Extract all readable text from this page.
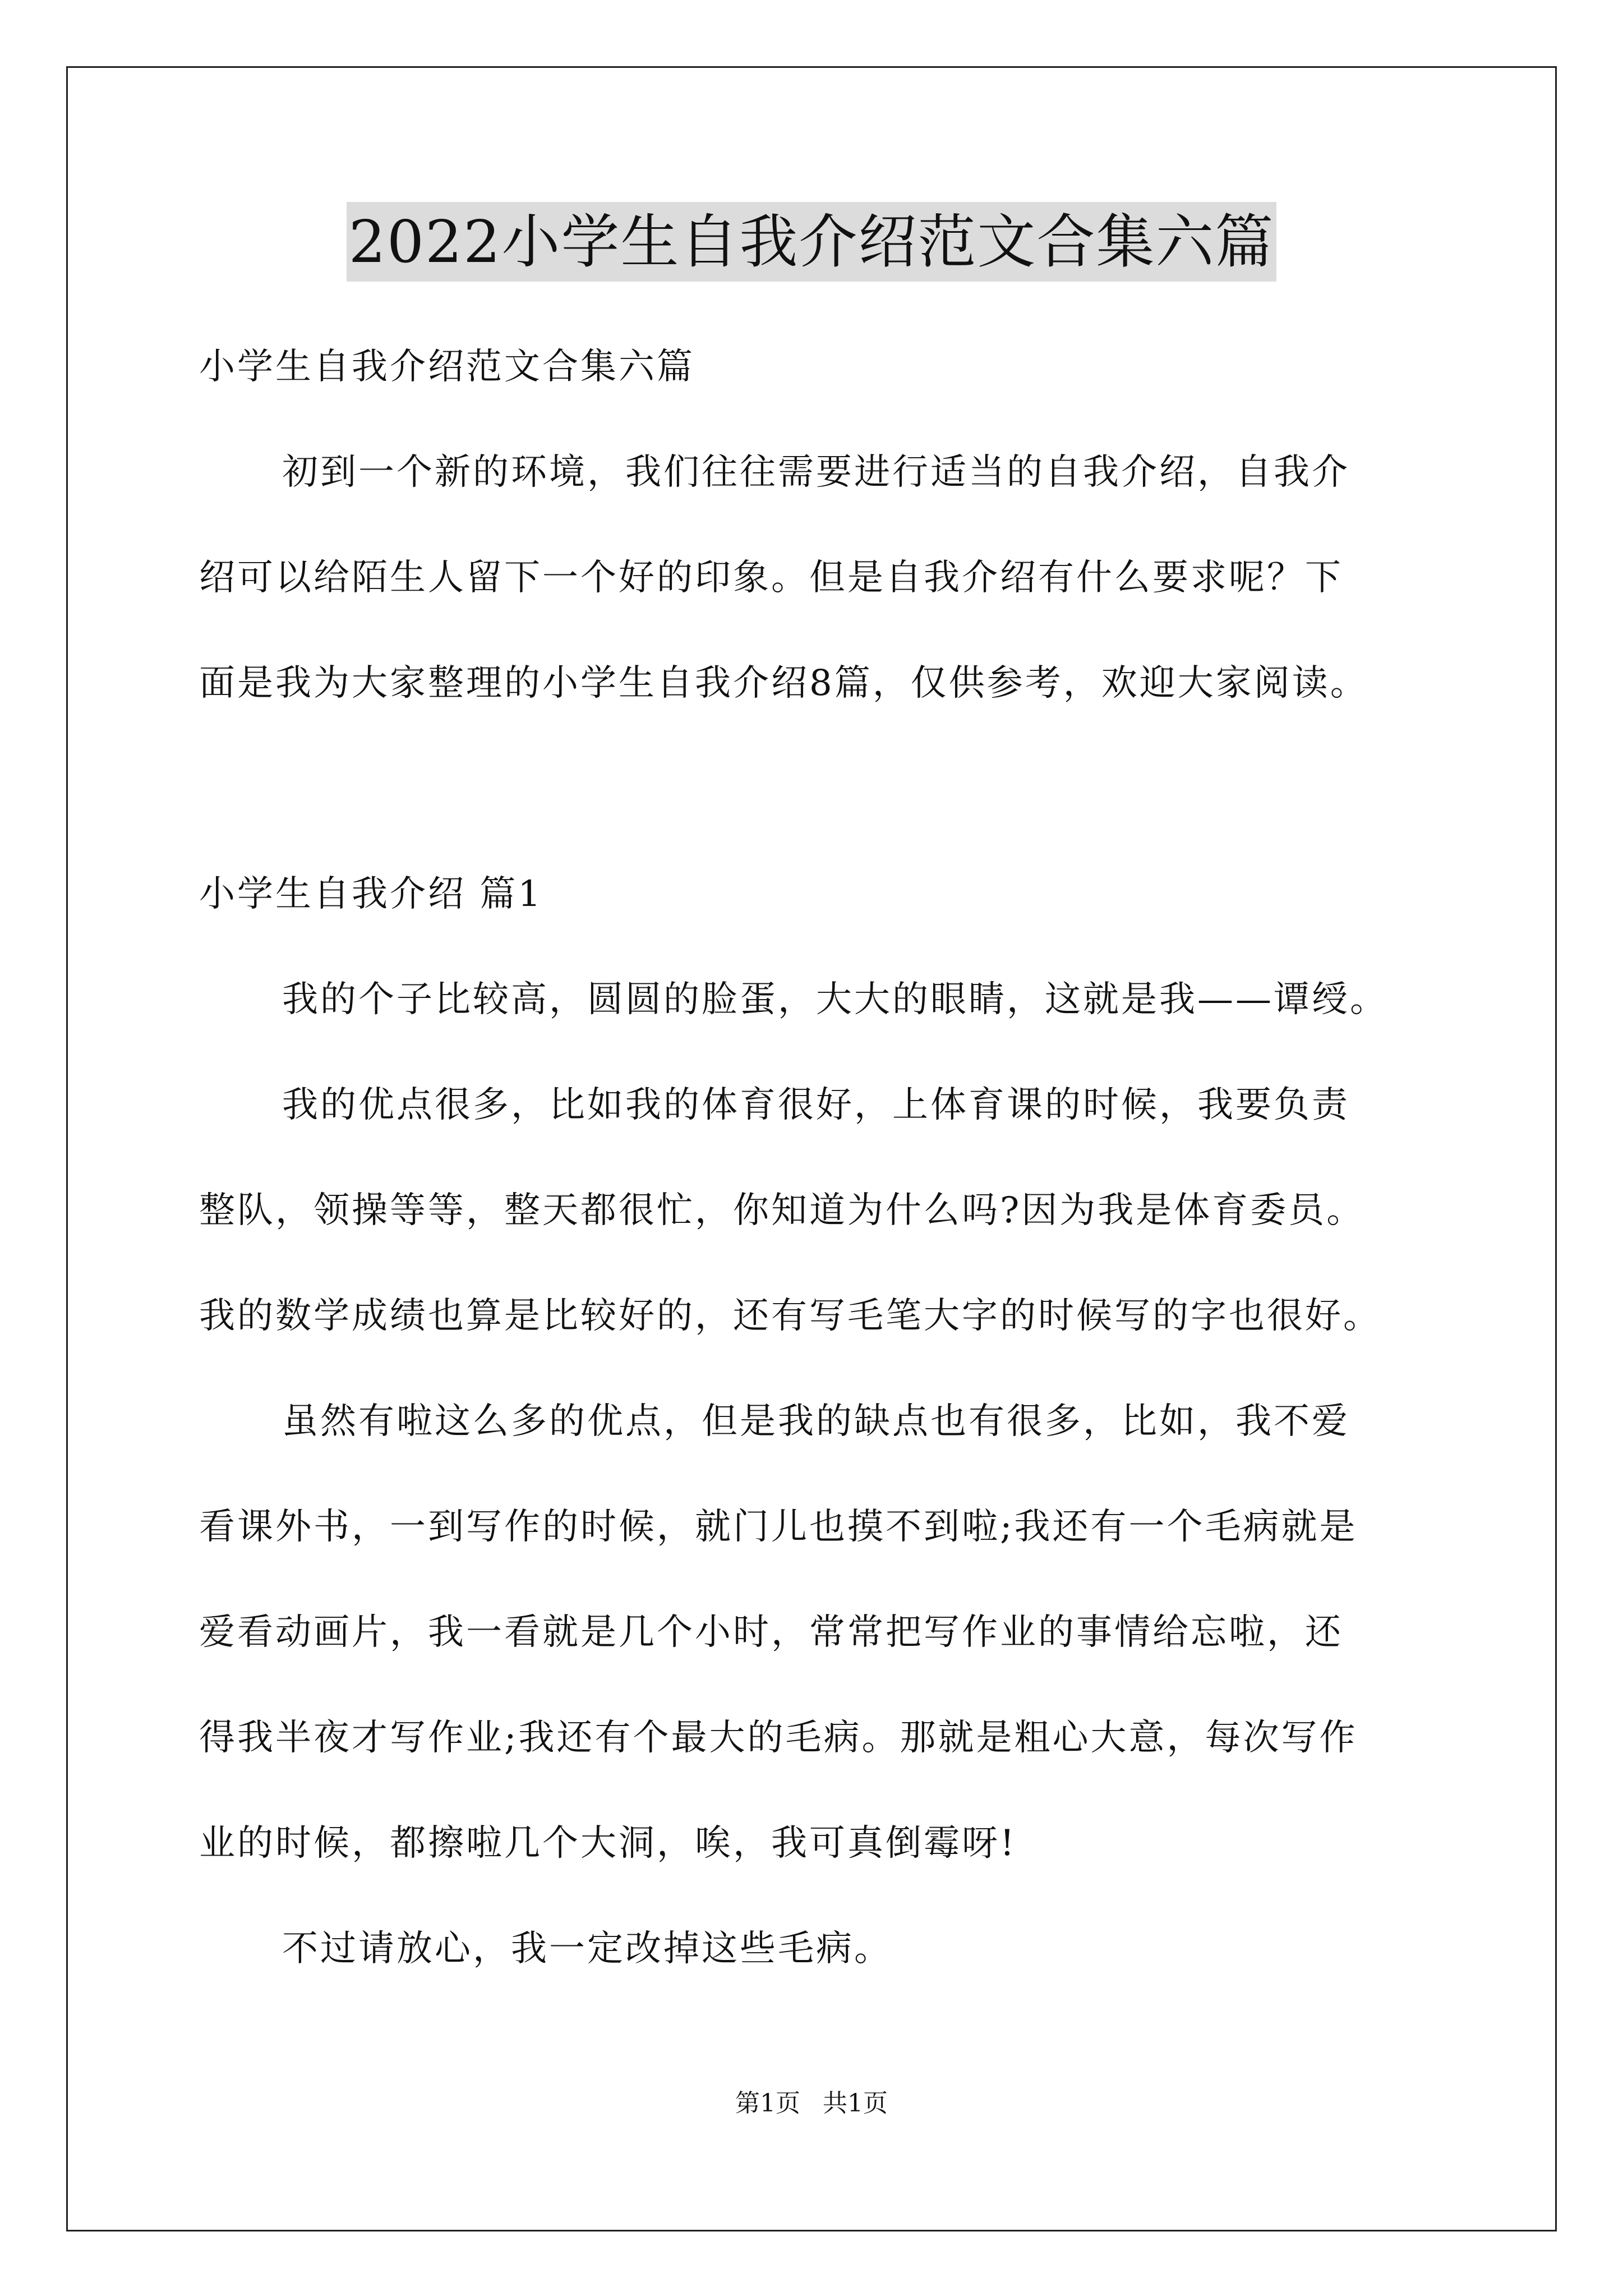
2022小学生自我介绍范文合集六篇
小学生自我介绍范文合集六篇
初到一个新的环境，我们往往需要进行适当的自我介绍，自我介
绍可以给陌生人留下一个好的印象。但是自我介绍有什么要求呢？下
面是我为大家整理的小学生自我介绍8篇，仅供参考，欢迎大家阅读。
小学生自我介绍 篇1
我的个子比较高，圆圆的脸蛋，大大的眼睛，这就是我——谭绶。
我的优点很多，比如我的体育很好，上体育课的时候，我要负责
整队，领操等等，整天都很忙，你知道为什么吗?因为我是体育委员。
我的数学成绩也算是比较好的，还有写毛笔大字的时候写的字也很好。
虽然有啦这么多的优点，但是我的缺点也有很多，比如，我不爱
看课外书，一到写作的时候，就门儿也摸不到啦;我还有一个毛病就是
爱看动画片，我一看就是几个小时，常常把写作业的事情给忘啦，还
得我半夜才写作业;我还有个最大的毛病。那就是粗心大意，每次写作
业的时候，都擦啦几个大洞，唉，我可真倒霉呀!
不过请放心，我一定改掉这些毛病。
第1页 共1页
